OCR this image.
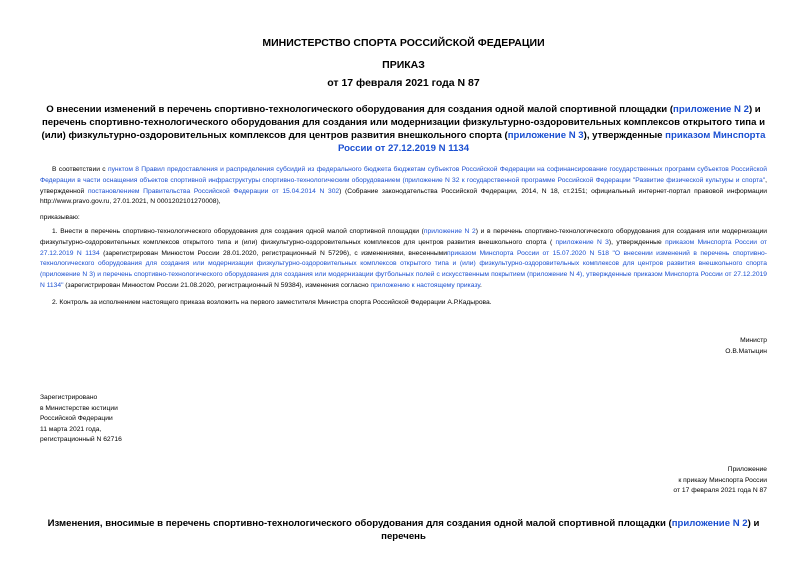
МИНИСТЕРСТВО СПОРТА РОССИЙСКОЙ ФЕДЕРАЦИИ
ПРИКАЗ
от 17 февраля 2021 года N 87
О внесении изменений в перечень спортивно-технологического оборудования для создания одной малой спортивной площадки (приложение N 2) и перечень спортивно-технологического оборудования для создания или модернизации физкультурно-оздоровительных комплексов открытого типа и (или) физкультурно-оздоровительных комплексов для центров развития внешкольного спорта (приложение N 3), утвержденные приказом Минспорта России от 27.12.2019 N 1134
В соответствии с пунктом 8 Правил предоставления и распределения субсидий из федерального бюджета бюджетам субъектов Российской Федерации на софинансирование государственных программ субъектов Российской Федерации в части оснащения объектов спортивной инфраструктуры спортивно-технологическим оборудованием (приложение N 32 к государственной программе Российской Федерации "Развитие физической культуры и спорта", утвержденной постановлением Правительства Российской Федерации от 15.04.2014 N 302) (Собрание законодательства Российской Федерации, 2014, N 18, ст.2151; официальный интернет-портал правовой информации http://www.pravo.gov.ru, 27.01.2021, N 0001202101270008),
приказываю:
1. Внести в перечень спортивно-технологического оборудования для создания одной малой спортивной площадки (приложение N 2) и в перечень спортивно-технологического оборудования для создания или модернизации физкультурно-оздоровительных комплексов открытого типа и (или) физкультурно-оздоровительных комплексов для центров развития внешкольного спорта ( приложение N 3), утвержденные приказом Минспорта России от 27.12.2019 N 1134 (зарегистрирован Минюстом России 28.01.2020, регистрационный N 57296), с изменениями, внесеннымиприказом Минспорта России от 15.07.2020 N 518 "О внесении изменений в перечень спортивно-технологического оборудования для создания или модернизации физкультурно-оздоровительных комплексов открытого типа и (или) физкультурно-оздоровительных комплексов для центров развития внешкольного спорта (приложение N 3) и перечень спортивно-технологического оборудования для создания или модернизации футбольных полей с искусственным покрытием (приложение N 4), утвержденные приказом Минспорта России от 27.12.2019 N 1134" (зарегистрирован Минюстом России 21.08.2020, регистрационный N 59384), изменения согласно приложению к настоящему приказу.
2. Контроль за исполнением настоящего приказа возложить на первого заместителя Министра спорта Российской Федерации А.Р.Кадырова.
Министр
О.В.Матыцин
Зарегистрировано
в Министерстве юстиции
Российской Федерации
11 марта 2021 года,
регистрационный N 62716
Приложение
к приказу Минспорта России
от 17 февраля 2021 года N 87
Изменения, вносимые в перечень спортивно-технологического оборудования для создания одной малой спортивной площадки (приложение N 2) и перечень
